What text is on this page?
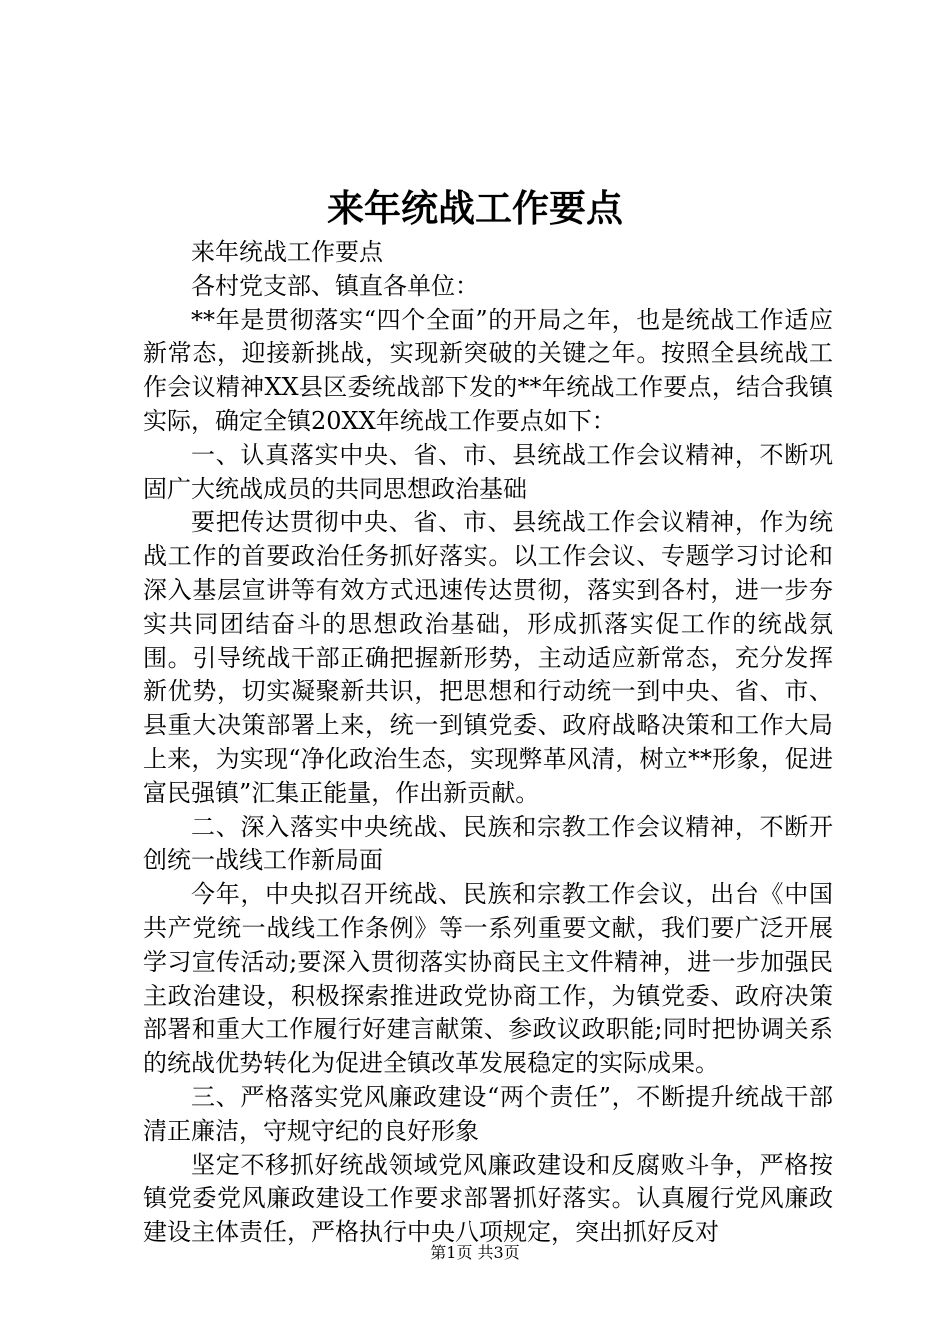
来年统战工作要点

来年统战工作要点

各村党支部、镇直各单位：

**年是贯彻落实“四个全面”的开局之年，也是统战工作适应新常态，迎接新挑战，实现新突破的关键之年。按照全县统战工作会议精神XX县区委统战部下发的**年统战工作要点，结合我镇实际，确定全镇20XX年统战工作要点如下：

一、认真落实中央、省、市、县统战工作会议精神，不断巩固广大统战成员的共同思想政治基础

要把传达贯彻中央、省、市、县统战工作会议精神，作为统战工作的首要政治任务抓好落实。以工作会议、专题学习讨论和深入基层宣讲等有效方式迅速传达贯彻，落实到各村，进一步夯实共同团结奋斗的思想政治基础，形成抓落实促工作的统战氛围。引导统战干部正确把握新形势，主动适应新常态，充分发挥新优势，切实凝聚新共识，把思想和行动统一到中央、省、市、县重大决策部署上来，统一到镇党委、政府战略决策和工作大局上来，为实现“净化政治生态，实现弊革风清，树立**形象，促进富民强镇”汇集正能量，作出新贡献。

二、深入落实中央统战、民族和宗教工作会议精神，不断开创统一战线工作新局面

今年，中央拟召开统战、民族和宗教工作会议，出台《中国共产党统一战线工作条例》等一系列重要文献，我们要广泛开展学习宣传活动;要深入贯彻落实协商民主文件精神，进一步加强民主政治建设，积极探索推进政党协商工作，为镇党委、政府决策部署和重大工作履行好建言献策、参政议政职能;同时把协调关系的统战优势转化为促进全镇改革发展稳定的实际成果。

三、严格落实党风廉政建设“两个责任”，不断提升统战干部清正廉洁，守规守纪的良好形象

坚定不移抓好统战领域党风廉政建设和反腐败斗争，严格按镇党委党风廉政建设工作要求部署抓好落实。认真履行党风廉政建设主体责任，严格执行中央八项规定，突出抓好反对

第1页 共3页
